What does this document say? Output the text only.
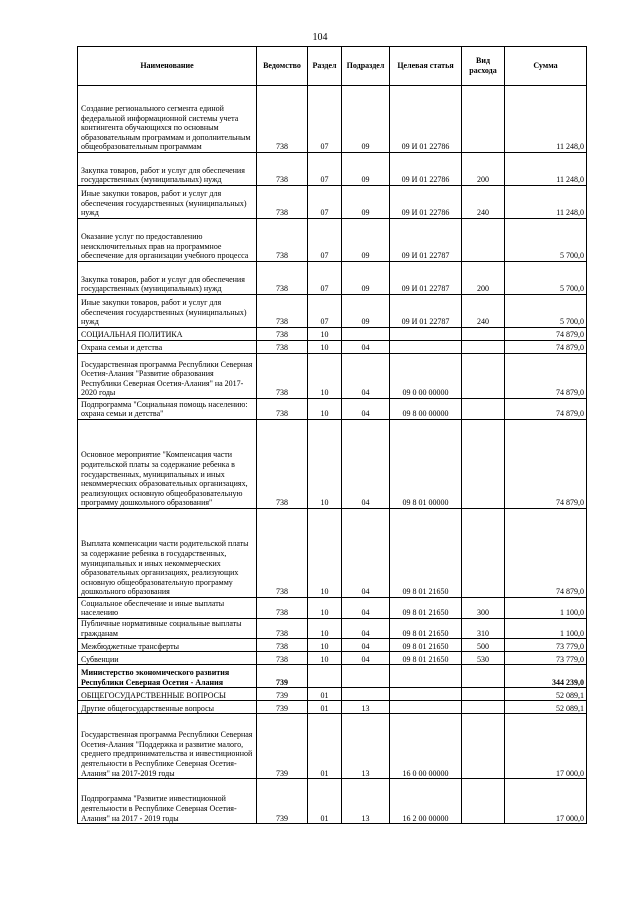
104
Наименование	Ведомство	Раздел	Подраздел	Целевая статья	Вид расхода	Сумма
Создание регионального сегмента единой федеральной информационной системы учета контингента обучающихся по основным образовательным программам и дополнительным общеобразовательным программам	738	07	09	09 И 01 22786		11 248,0
Закупка товаров, работ и услуг для обеспечения государственных (муниципальных) нужд	738	07	09	09 И 01 22786	200	11 248,0
Иные закупки товаров, работ и услуг для обеспечения государственных (муниципальных) нужд	738	07	09	09 И 01 22786	240	11 248,0
Оказание услуг по предоставлению неисключительных прав на программное обеспечение для организации учебного процесса	738	07	09	09 И 01 22787		5 700,0
Закупка товаров, работ и услуг для обеспечения государственных (муниципальных) нужд	738	07	09	09 И 01 22787	200	5 700,0
Иные закупки товаров, работ и услуг для обеспечения государственных (муниципальных) нужд	738	07	09	09 И 01 22787	240	5 700,0
СОЦИАЛЬНАЯ ПОЛИТИКА	738	10				74 879,0
Охрана семьи и детства	738	10	04			74 879,0
Государственная программа Республики Северная Осетия-Алания "Развитие образования Республики Северная Осетия-Алания" на 2017-2020 годы	738	10	04	09 0 00 00000		74 879,0
Подпрограмма "Социальная помощь населению: охрана семьи и детства"	738	10	04	09 8 00 00000		74 879,0
Основное мероприятие "Компенсация части родительской платы за содержание ребенка в государственных, муниципальных и иных некоммерческих образовательных организациях, реализующих основную общеобразовательную программу дошкольного образования"	738	10	04	09 8 01 00000		74 879,0
Выплата компенсации части родительской платы за содержание ребенка в государственных, муниципальных и иных некоммерческих образовательных организациях, реализующих основную общеобразовательную программу дошкольного образования	738	10	04	09 8 01 21650		74 879,0
Социальное обеспечение и иные выплаты населению	738	10	04	09 8 01 21650	300	1 100,0
Публичные нормативные социальные выплаты гражданам	738	10	04	09 8 01 21650	310	1 100,0
Межбюджетные трансферты	738	10	04	09 8 01 21650	500	73 779,0
Субвенции	738	10	04	09 8 01 21650	530	73 779,0
Министерство экономического развития Республики Северная Осетия - Алания	739					344 239,0
ОБЩЕГОСУДАРСТВЕННЫЕ ВОПРОСЫ	739	01				52 089,1
Другие общегосударственные вопросы	739	01	13			52 089,1
Государственная программа Республики Северная Осетия-Алания "Поддержка и развитие малого, среднего предпринимательства и инвестиционной деятельности в Республике Северная Осетия-Алания" на 2017-2019 годы	739	01	13	16 0 00 00000		17 000,0
Подпрограмма "Развитие инвестиционной деятельности в Республике Северная Осетия-Алания" на 2017 - 2019 годы	739	01	13	16 2 00 00000		17 000,0
